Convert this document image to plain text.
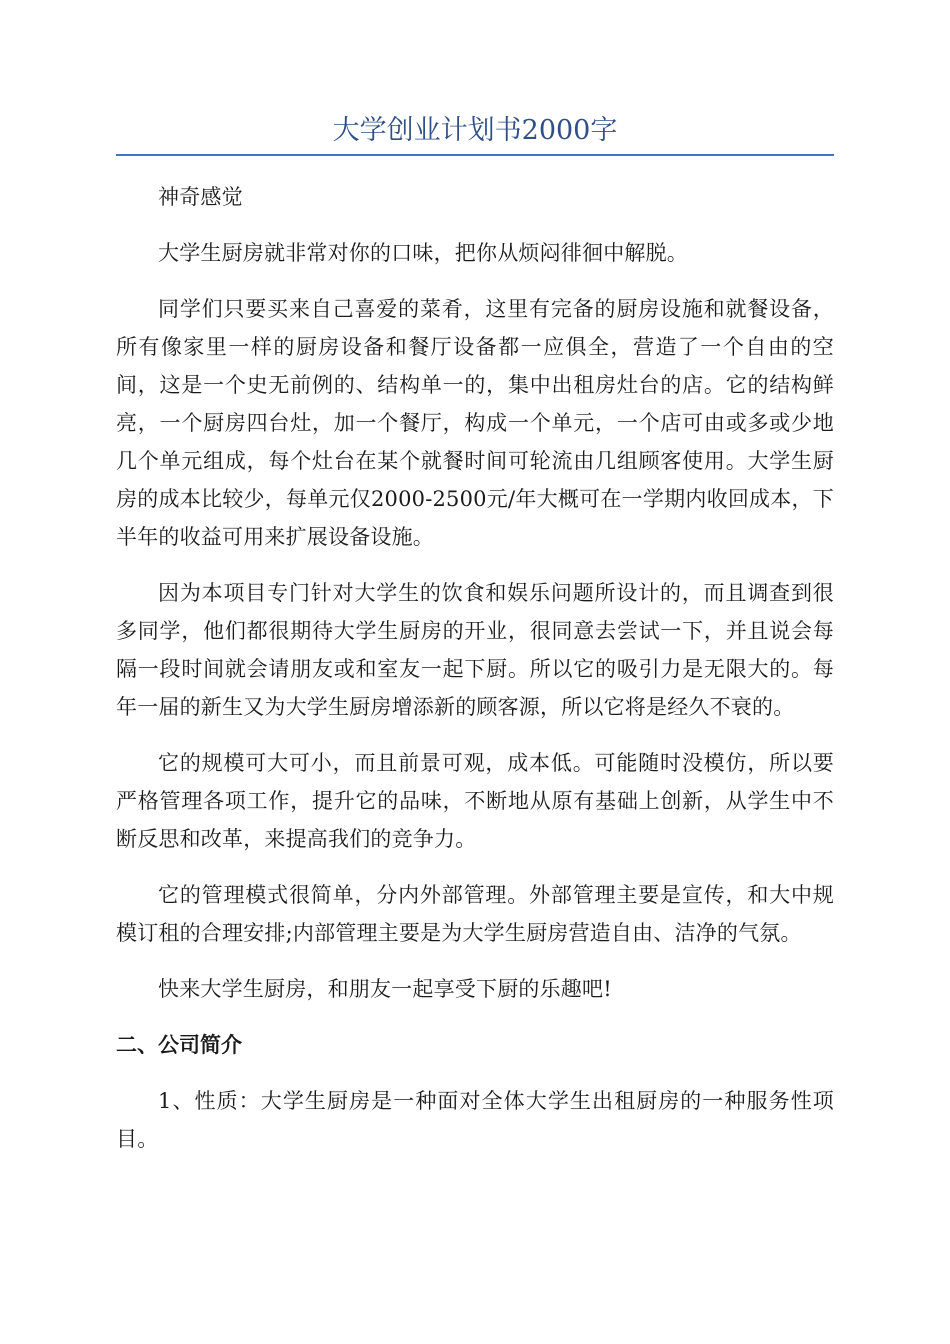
大学创业计划书2000字

神奇感觉

大学生厨房就非常对你的口味，把你从烦闷徘徊中解脱。

同学们只要买来自己喜爱的菜肴，这里有完备的厨房设施和就餐设备，所有像家里一样的厨房设备和餐厅设备都一应俱全，营造了一个自由的空间，这是一个史无前例的、结构单一的，集中出租房灶台的店。它的结构鲜亮，一个厨房四台灶，加一个餐厅，构成一个单元，一个店可由或多或少地几个单元组成，每个灶台在某个就餐时间可轮流由几组顾客使用。大学生厨房的成本比较少，每单元仅2000-2500元/年大概可在一学期内收回成本，下半年的收益可用来扩展设备设施。

因为本项目专门针对大学生的饮食和娱乐问题所设计的，而且调查到很多同学，他们都很期待大学生厨房的开业，很同意去尝试一下，并且说会每隔一段时间就会请朋友或和室友一起下厨。所以它的吸引力是无限大的。每年一届的新生又为大学生厨房增添新的顾客源，所以它将是经久不衰的。

它的规模可大可小，而且前景可观，成本低。可能随时没模仿，所以要严格管理各项工作，提升它的品味，不断地从原有基础上创新，从学生中不断反思和改革，来提高我们的竞争力。

它的管理模式很简单，分内外部管理。外部管理主要是宣传，和大中规模订租的合理安排;内部管理主要是为大学生厨房营造自由、洁净的气氛。

快来大学生厨房，和朋友一起享受下厨的乐趣吧!

二、公司简介

1、性质：大学生厨房是一种面对全体大学生出租厨房的一种服务性项目。
